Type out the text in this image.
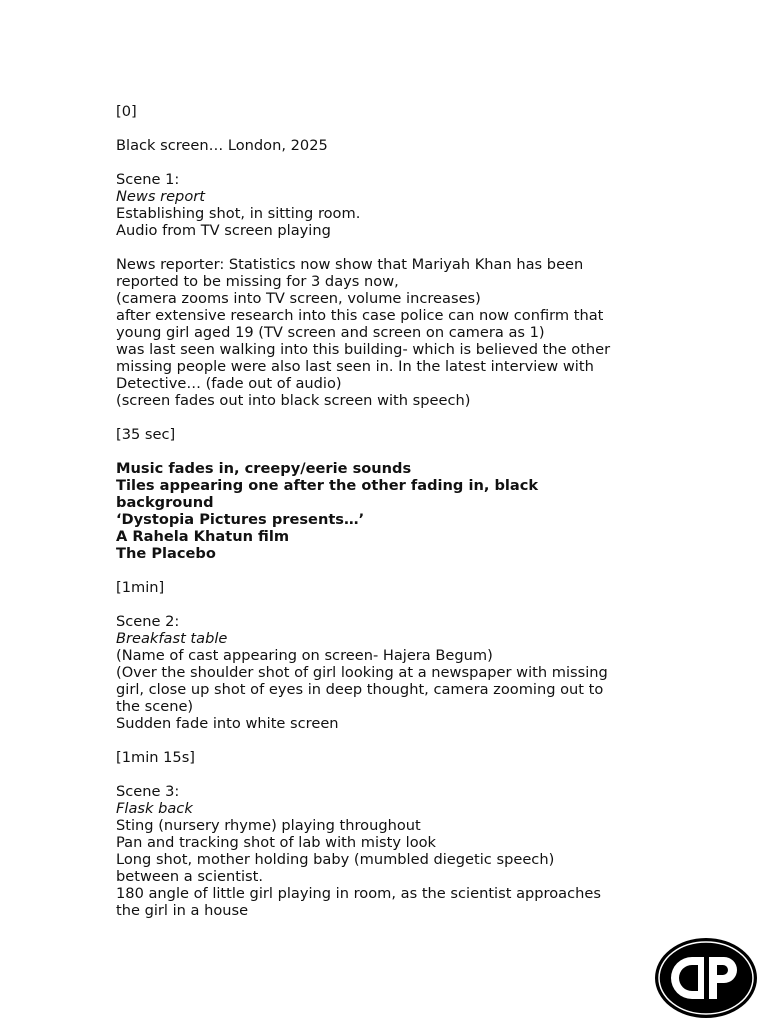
[0]
Black screen… London, 2025
Scene 1:
News report
Establishing shot, in sitting room.
Audio from TV screen playing
News reporter: Statistics now show that Mariyah Khan has been
reported to be missing for 3 days now,
(camera zooms into TV screen, volume increases)
after extensive research into this case police can now confirm that
young girl aged 19 (TV screen and screen on camera as 1)
was last seen walking into this building- which is believed the other
missing people were also last seen in. In the latest interview with
Detective… (fade out of audio)
(screen fades out into black screen with speech)
[35 sec]
Music fades in, creepy/eerie sounds
Tiles appearing one after the other fading in, black
background
‘Dystopia Pictures presents…’
A Rahela Khatun film
The Placebo
[1min]
Scene 2:
Breakfast table
(Name of cast appearing on screen- Hajera Begum)
(Over the shoulder shot of girl looking at a newspaper with missing
girl, close up shot of eyes in deep thought, camera zooming out to
the scene)
Sudden fade into white screen
[1min 15s]
Scene 3:
Flask back
Sting (nursery rhyme) playing throughout
Pan and tracking shot of lab with misty look
Long shot, mother holding baby (mumbled diegetic speech)
between a scientist.
180 angle of little girl playing in room, as the scientist approaches
the girl in a house
